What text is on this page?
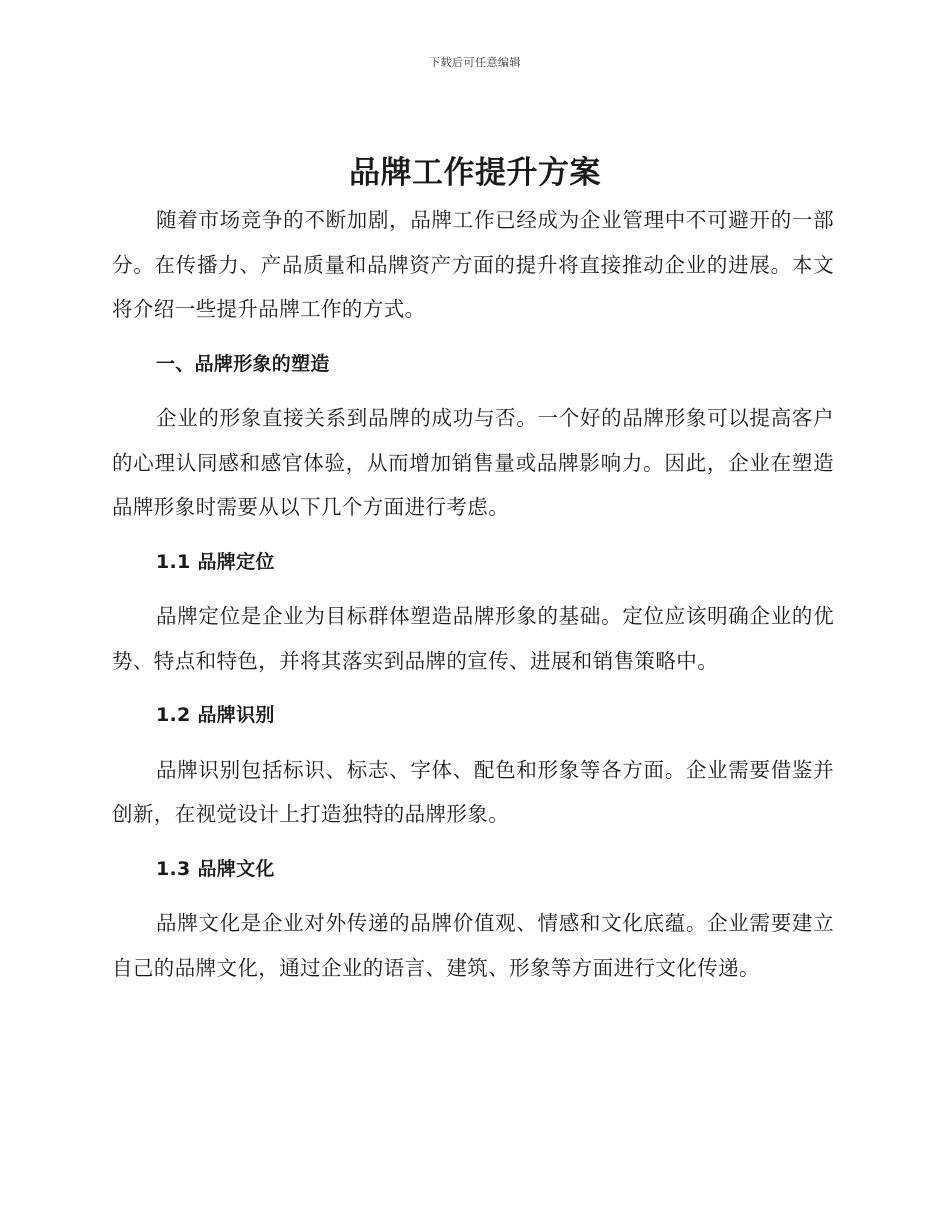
下载后可任意编辑
品牌工作提升方案

随着市场竞争的不断加剧，品牌工作已经成为企业管理中不可避开的一部分。在传播力、产品质量和品牌资产方面的提升将直接推动企业的进展。本文将介绍一些提升品牌工作的方式。

一、品牌形象的塑造

企业的形象直接关系到品牌的成功与否。一个好的品牌形象可以提高客户的心理认同感和感官体验，从而增加销售量或品牌影响力。因此，企业在塑造品牌形象时需要从以下几个方面进行考虑。

1.1 品牌定位

品牌定位是企业为目标群体塑造品牌形象的基础。定位应该明确企业的优势、特点和特色，并将其落实到品牌的宣传、进展和销售策略中。

1.2 品牌识别

品牌识别包括标识、标志、字体、配色和形象等各方面。企业需要借鉴并创新，在视觉设计上打造独特的品牌形象。

1.3 品牌文化

品牌文化是企业对外传递的品牌价值观、情感和文化底蕴。企业需要建立自己的品牌文化，通过企业的语言、建筑、形象等方面进行文化传递。
